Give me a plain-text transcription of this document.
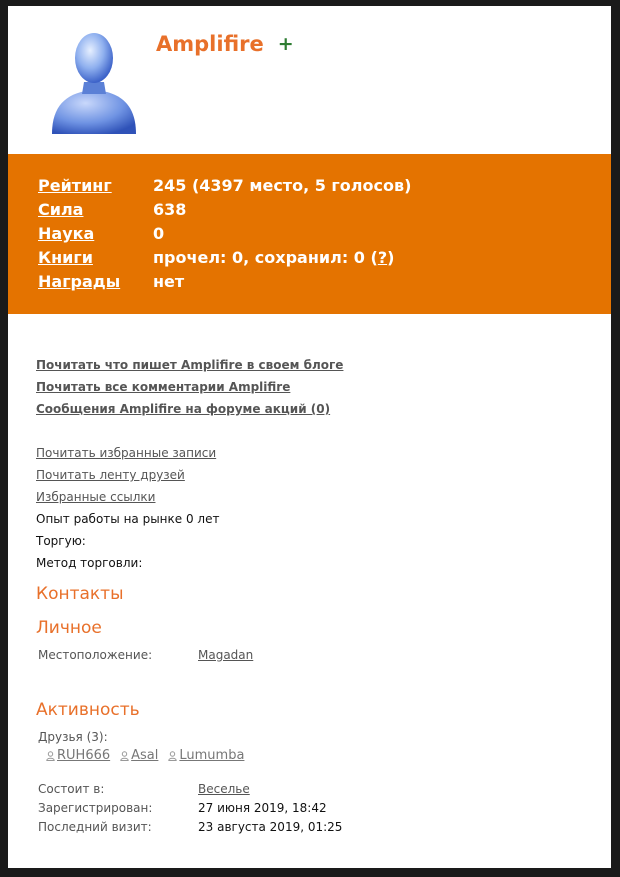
Amplifire +
Рейтинг	245 (4397 место, 5 голосов)
Сила	638
Наука	0
Книги	прочел: 0, сохранил: 0 (?)
Награды нет
Почитать что пишет Amplifire в своем блоге
Почитать все комментарии Amplifire
Сообщения Amplifire на форуме акций (0)
Почитать избранные записи
Почитать ленту друзей
Избранные ссылки
Опыт работы на рынке 0 лет
Торгую:
Метод торговли:
Контакты
Личное
Местоположение:	Magadan
Активность
Друзья (3):
RUH666 Asal Lumumba
Состоит в:	Веселье
Зарегистрирован:	27 июня 2019, 18:42
Последний визит:	23 августа 2019, 01:25
